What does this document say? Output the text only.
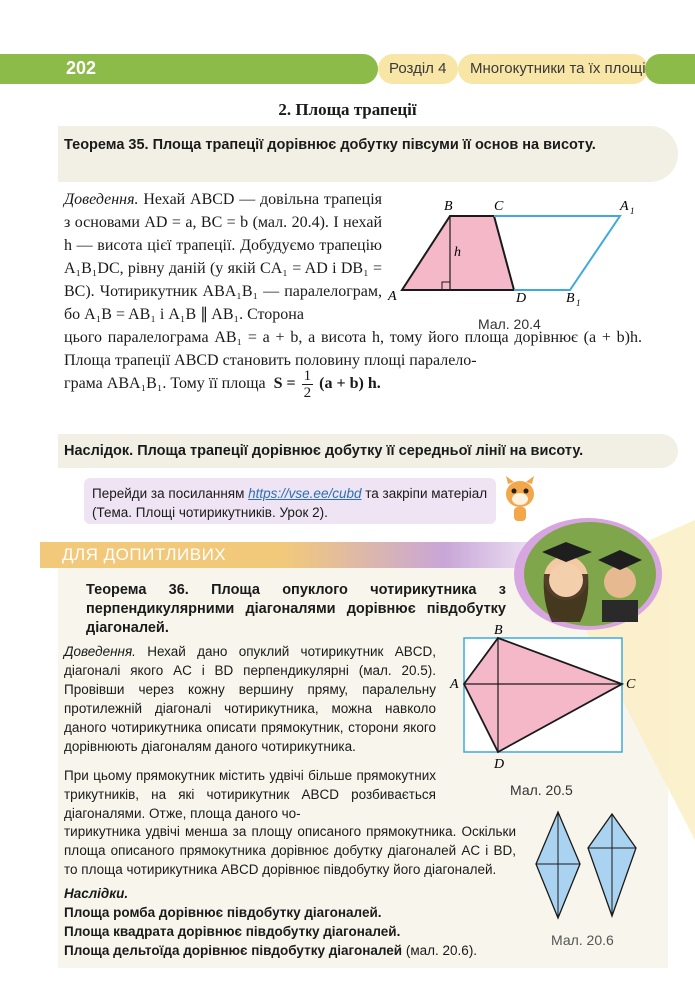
202	Розділ 4 Многокутники та їх площі
2. Площа трапеції
Теорема 35. Площа трапеції дорівнює добутку півсуми її основ на висоту.
Доведення. Нехай ABCD — довільна трапеція з основами AD = a, BC = b (мал. 20.4). І нехай h — висота цієї трапеції. Добудуємо трапецію A₁B₁DC, рівну даній (у якій CA₁ = AD і DB₁ = BC). Чотирикутник ABA₁B₁ — паралелограм, бо A₁B = AB₁ і A₁B ∥ AB₁. Сторона
цього паралелограма AB₁ = a + b, а висота h, тому його площа дорівнює (a + b)h. Площа трапеції ABCD становить половину площі паралело-
грама ABA₁B₁. Тому її площа $S = \frac{1}{2} (a + b)$ h.
A
B	C
D
A 1
B 1
h
Мал. 20.4
Наслідок. Площа трапеції дорівнює добутку її середньої лінії на висоту.
Перейди за посиланням https://vse.ee/cubd та закріпи матеріал (Тема. Площі чотирикутників. Урок 2).
ДЛЯ ДОПИТЛИВИХ
Теорема 36. Площа опуклого чотирикутника з перпендикулярними діагоналями дорівнює півдобутку діагоналей.
Доведення. Нехай дано опуклий чотирикутник ABCD, діагоналі якого AC і BD перпендикулярні (мал. 20.5). Провівши через кожну вершину пряму, паралельну протилежній діагоналі чотирикутника, можна навколо даного чотирикутника описати прямокутник, сторони якого дорівнюють діагоналям даного чотирикутника.
При цьому прямокутник містить удвічі більше прямокутних трикутників, на які чотирикутник ABCD розбивається діагоналями. Отже, площа даного чо-
тирикутника удвічі менша за площу описаного прямокутника. Оскільки площа описаного прямокутника дорівнює добутку діагоналей AC і BD, то площа чотирикутника ABCD дорівнює півдобутку його діагоналей.
Наслідки.
Площа ромба дорівнює півдобутку діагоналей.
Площа квадрата дорівнює півдобутку діагоналей.
Площа дельтоїда дорівнює півдобутку діагоналей (мал. 20.6).
A
B
C
D
Мал. 20.5
Мал. 20.6
